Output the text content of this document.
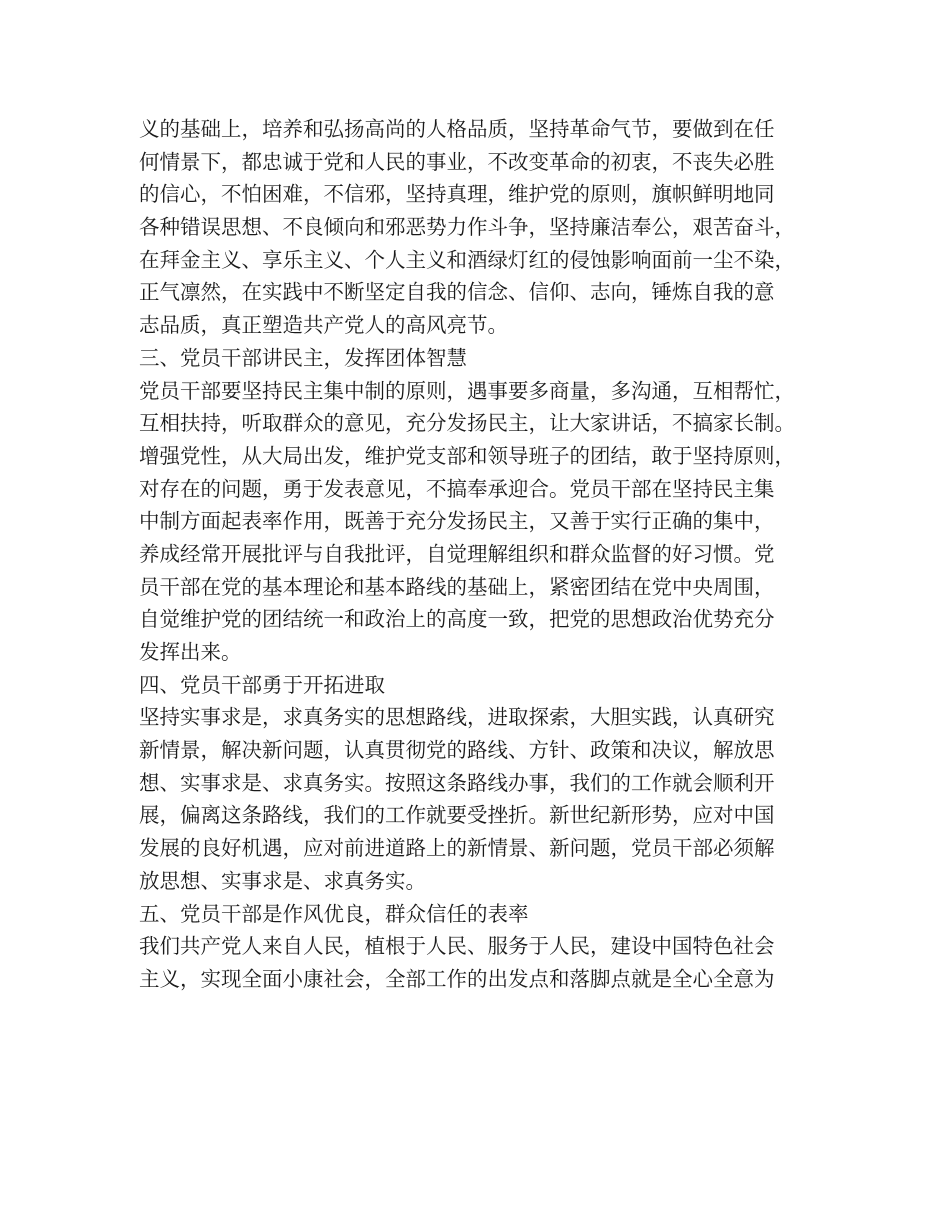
义的基础上，培养和弘扬高尚的人格品质，坚持革命气节，要做到在任
何情景下，都忠诚于党和人民的事业，不改变革命的初衷，不丧失必胜
的信心，不怕困难，不信邪，坚持真理，维护党的原则，旗帜鲜明地同
各种错误思想、不良倾向和邪恶势力作斗争，坚持廉洁奉公，艰苦奋斗，
在拜金主义、享乐主义、个人主义和酒绿灯红的侵蚀影响面前一尘不染，
正气凛然，在实践中不断坚定自我的信念、信仰、志向，锤炼自我的意
志品质，真正塑造共产党人的高风亮节。
三、党员干部讲民主，发挥团体智慧
党员干部要坚持民主集中制的原则，遇事要多商量，多沟通，互相帮忙，
互相扶持，听取群众的意见，充分发扬民主，让大家讲话，不搞家长制。
增强党性，从大局出发，维护党支部和领导班子的团结，敢于坚持原则，
对存在的问题，勇于发表意见，不搞奉承迎合。党员干部在坚持民主集
中制方面起表率作用，既善于充分发扬民主，又善于实行正确的集中，
养成经常开展批评与自我批评，自觉理解组织和群众监督的好习惯。党
员干部在党的基本理论和基本路线的基础上，紧密团结在党中央周围，
自觉维护党的团结统一和政治上的高度一致，把党的思想政治优势充分
发挥出来。
四、党员干部勇于开拓进取
坚持实事求是，求真务实的思想路线，进取探索，大胆实践，认真研究
新情景，解决新问题，认真贯彻党的路线、方针、政策和决议，解放思
想、实事求是、求真务实。按照这条路线办事，我们的工作就会顺利开
展，偏离这条路线，我们的工作就要受挫折。新世纪新形势，应对中国
发展的良好机遇，应对前进道路上的新情景、新问题，党员干部必须解
放思想、实事求是、求真务实。
五、党员干部是作风优良，群众信任的表率
我们共产党人来自人民，植根于人民、服务于人民，建设中国特色社会
主义，实现全面小康社会，全部工作的出发点和落脚点就是全心全意为
